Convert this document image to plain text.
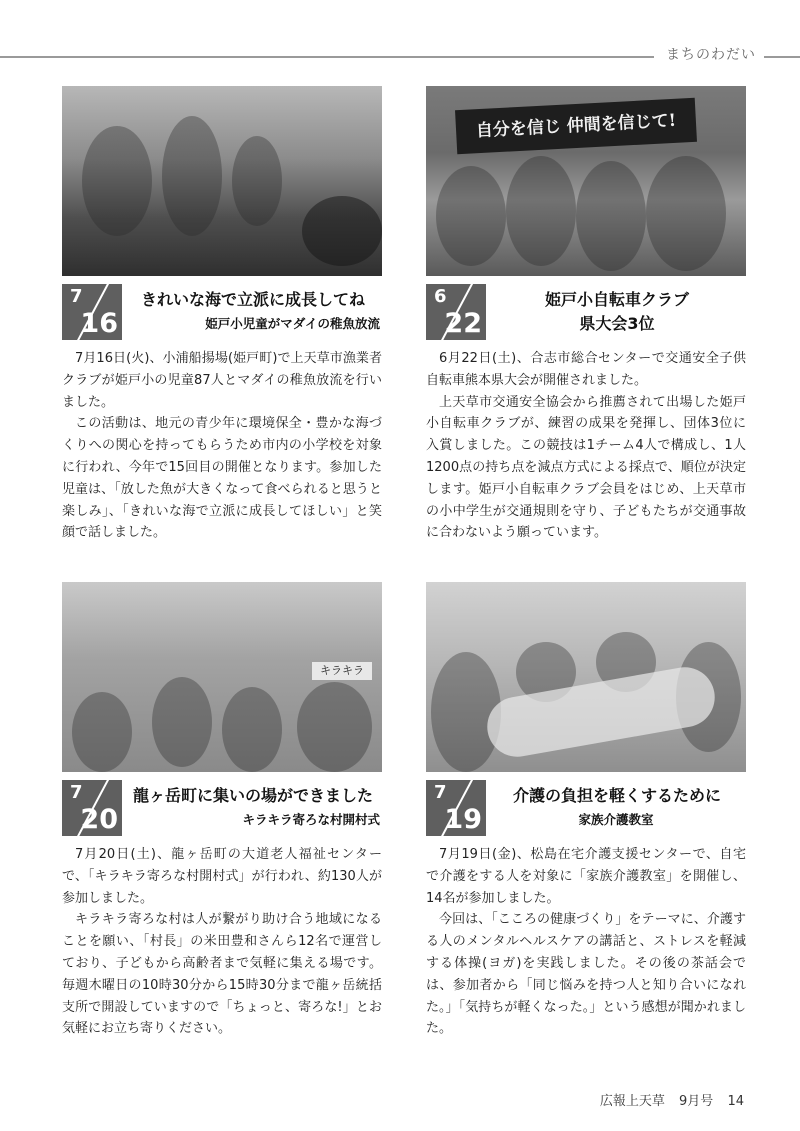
まちのわだい
7
16
きれいな海で立派に成長してね
姫戸小児童がマダイの稚魚放流

7月16日(火)、小浦船揚場(姫戸町)で上天草市漁業者クラブが姫戸小の児童87人とマダイの稚魚放流を行いました。

この活動は、地元の青少年に環境保全・豊かな海づくりへの関心を持ってもらうため市内の小学校を対象に行われ、今年で15回目の開催となります。参加した児童は、「放した魚が大きくなって食べられると思うと楽しみ」、「きれいな海で立派に成長してほしい」と笑顔で話しました。

自分を信じ 仲間を信じて!
6
22
姫戸小自転車クラブ
県大会3位

6月22日(土)、合志市総合センターで交通安全子供自転車熊本県大会が開催されました。

上天草市交通安全協会から推薦されて出場した姫戸小自転車クラブが、練習の成果を発揮し、団体3位に入賞しました。この競技は1チーム4人で構成し、1人1200点の持ち点を減点方式による採点で、順位が決定します。姫戸小自転車クラブ会員をはじめ、上天草市の小中学生が交通規則を守り、子どもたちが交通事故に合わないよう願っています。

キラキラ
7
20
龍ヶ岳町に集いの場ができました
キラキラ寄ろな村開村式

7月20日(土)、龍ヶ岳町の大道老人福祉センターで、「キラキラ寄ろな村開村式」が行われ、約130人が参加しました。

キラキラ寄ろな村は人が繋がり助け合う地域になることを願い、「村長」の米田豊和さんら12名で運営しており、子どもから高齢者まで気軽に集える場です。毎週木曜日の10時30分から15時30分まで龍ヶ岳統括支所で開設していますので「ちょっと、寄ろな!」とお気軽にお立ち寄りください。

7
19
介護の負担を軽くするために
家族介護教室

7月19日(金)、松島在宅介護支援センターで、自宅で介護をする人を対象に「家族介護教室」を開催し、14名が参加しました。

今回は、「こころの健康づくり」をテーマに、介護する人のメンタルヘルスケアの講話と、ストレスを軽減する体操(ヨガ)を実践しました。その後の茶話会では、参加者から「同じ悩みを持つ人と知り合いになれた。」「気持ちが軽くなった。」という感想が聞かれました。

広報上天草 9月号 14
